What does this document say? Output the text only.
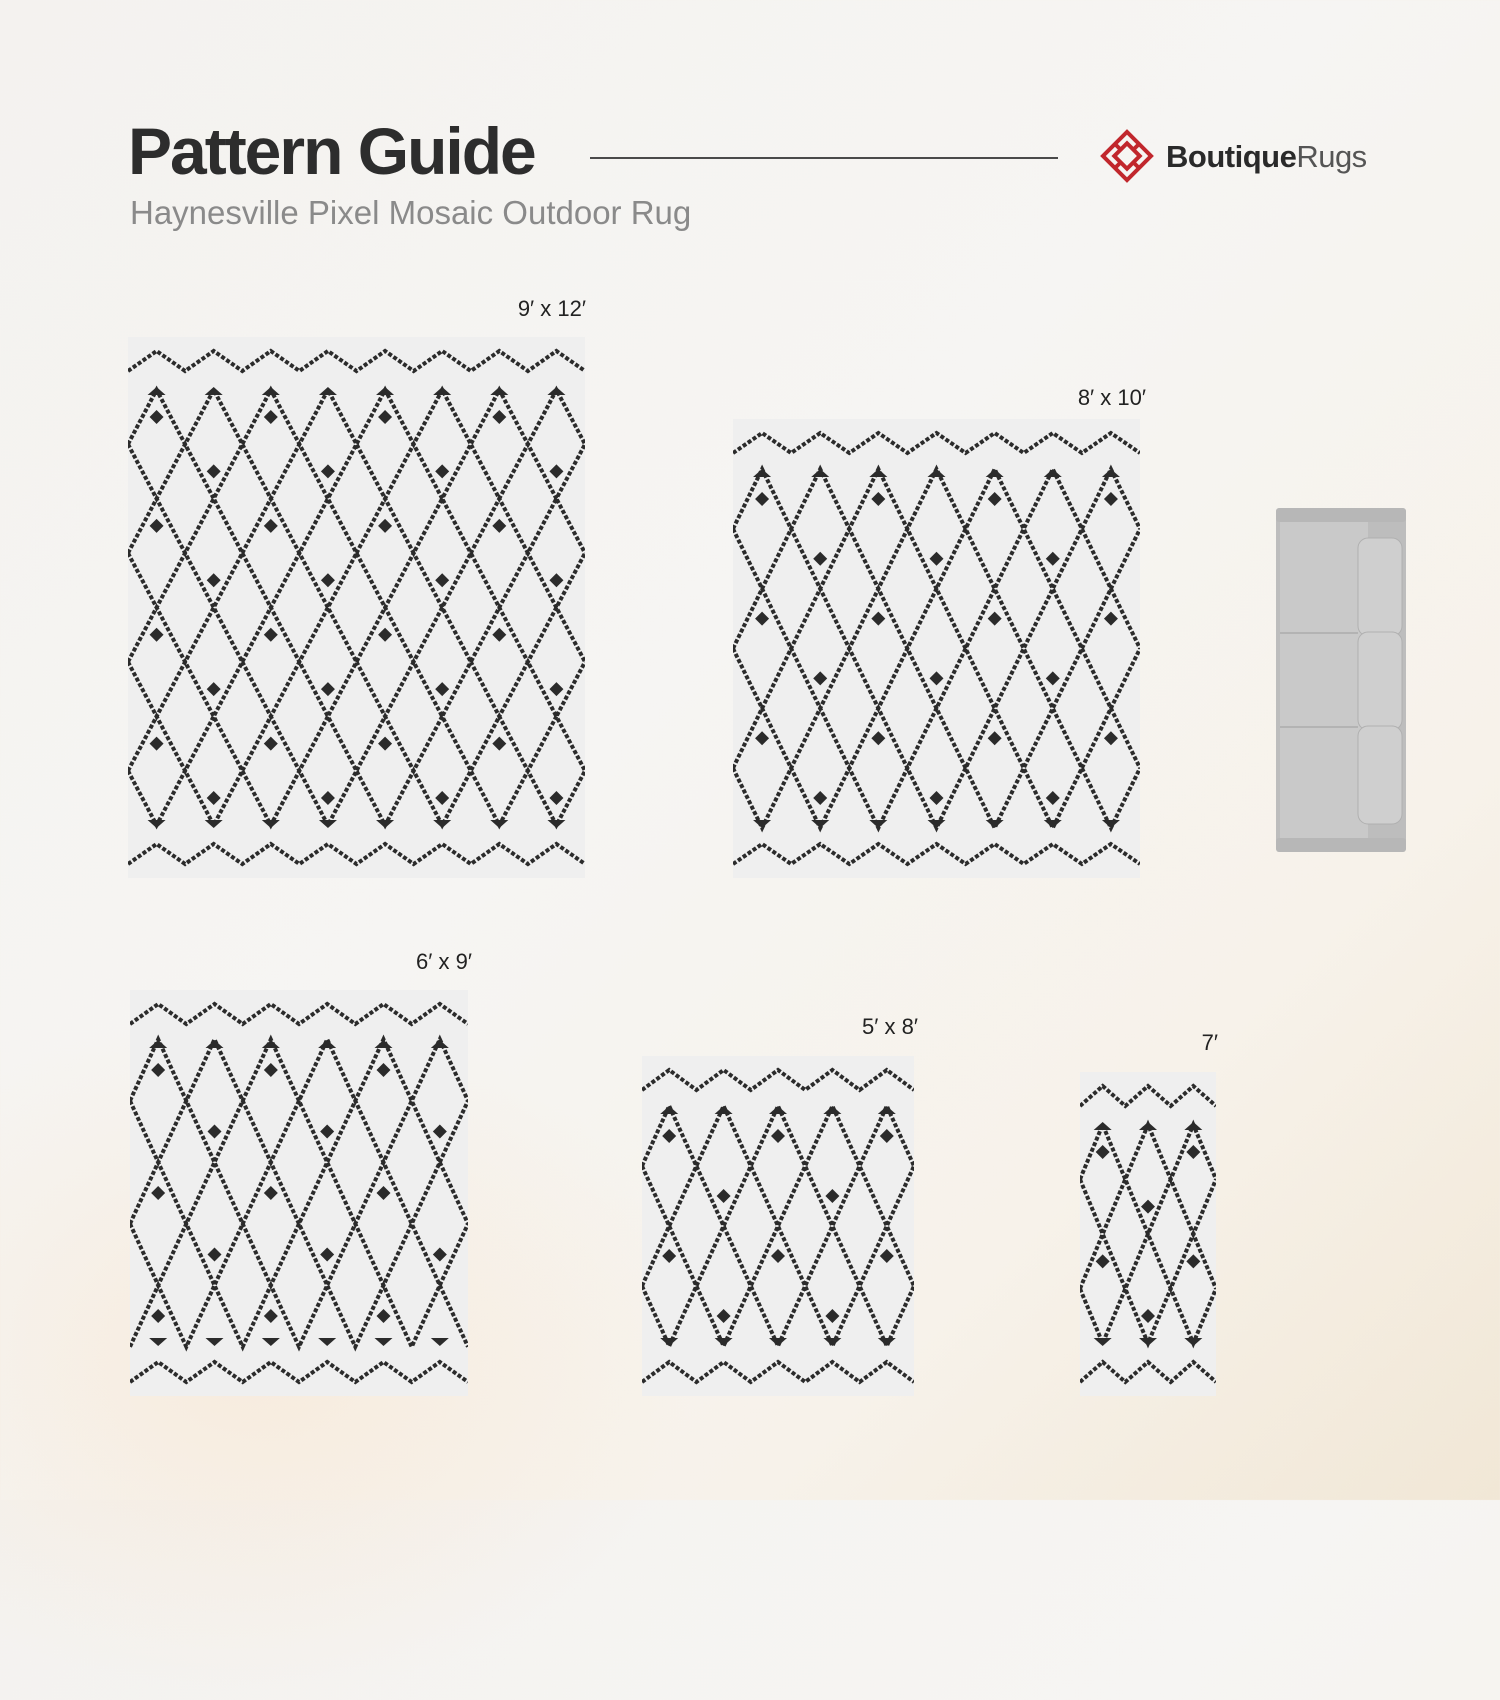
Pattern Guide
Haynesville Pixel Mosaic Outdoor Rug
BoutiqueRugs
9′ x 12′
8′ x 10′
6′ x 9′
5′ x 8′
7′
